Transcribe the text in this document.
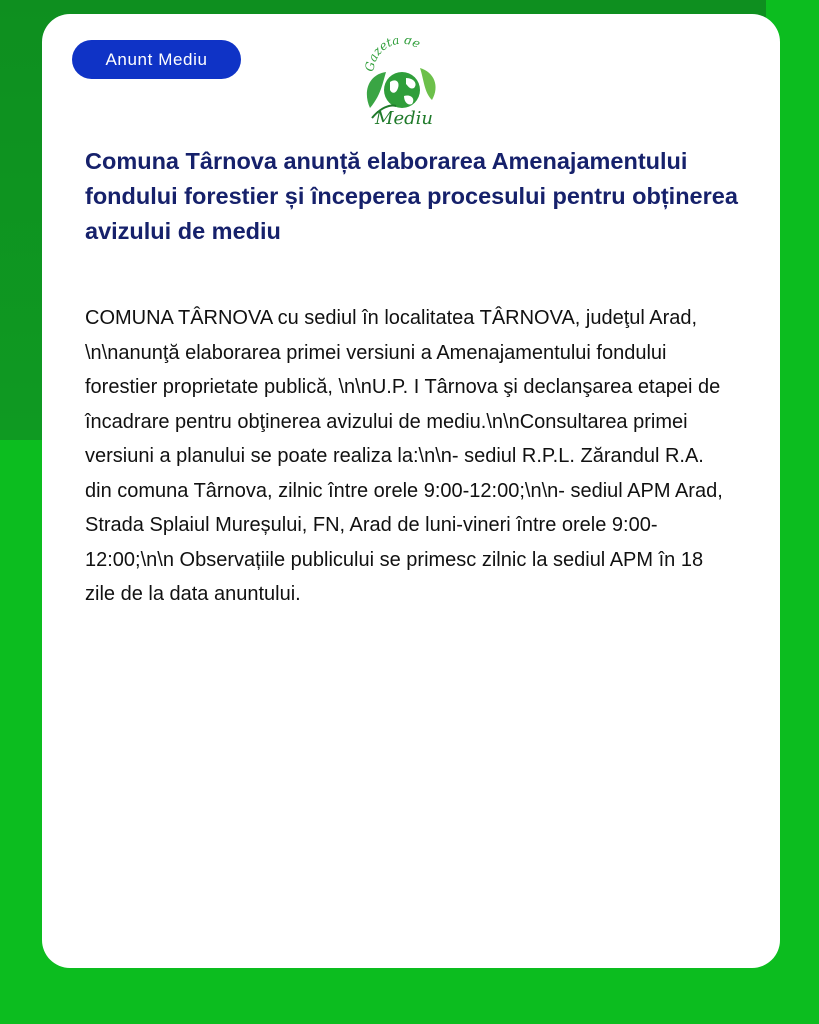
Anunt Mediu	Gazeta de
Mediu
Comuna Târnova anunță elaborarea Amenajamentului fondului forestier și începerea procesului pentru obținerea avizului de mediu

COMUNA TÂRNOVA cu sediul în localitatea TÂRNOVA, judeţul Arad, \n\nanunţă elaborarea primei versiuni a Amenajamentului fondului forestier proprietate publică, \n\nU.P. I Târnova şi declanşarea etapei de încadrare pentru obţinerea avizului de mediu.\n\nConsultarea primei versiuni a planului se poate realiza la:\n\n- sediul R.P.L. Zărandul R.A. din comuna Târnova, zilnic între orele 9:00-12:00;\n\n- sediul APM Arad, Strada Splaiul Mureșului, FN, Arad de luni-vineri între orele 9:00-12:00;\n\n Observațiile publicului se primesc zilnic la sediul APM în 18 zile de la data anuntului.
